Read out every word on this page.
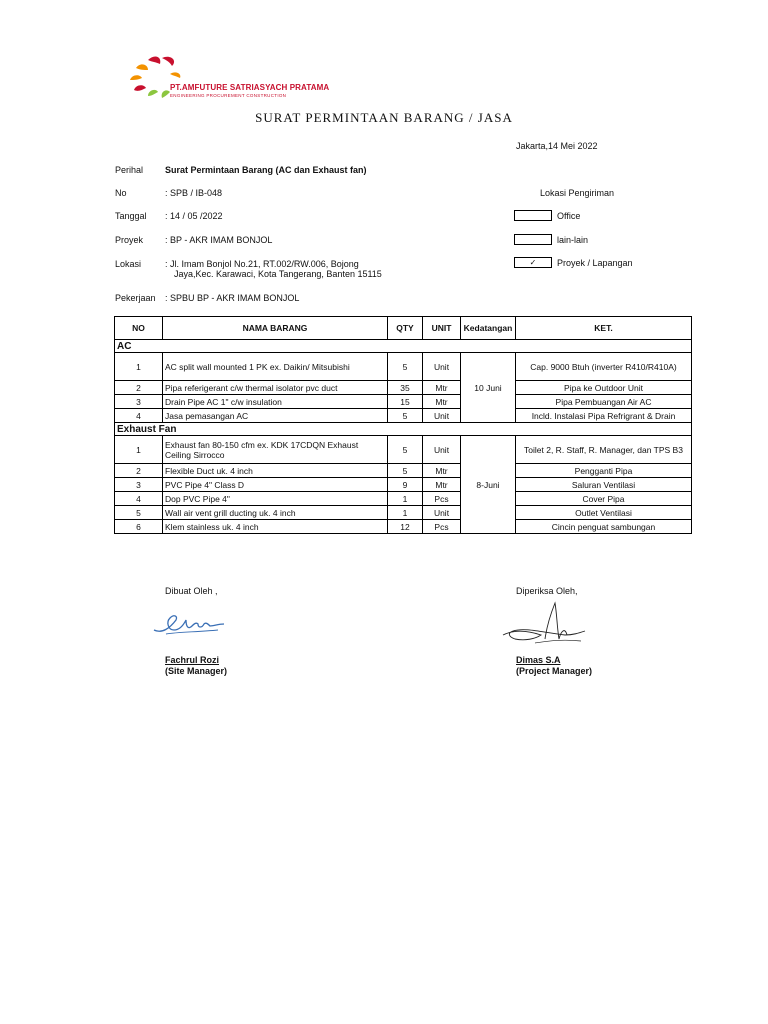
PT.AMFUTURE SATRIASYACH PRATAMA
ENGINEERING PROCUREMENT CONSTRUCTION
SURAT PERMINTAAN BARANG / JASA
Jakarta,14 Mei 2022
Perihal Surat Permintaan Barang (AC dan Exhaust fan)
No	: SPB / IB-048
Tanggal : 14 / 05 /2022
Proyek : BP - AKR IMAM BONJOL
Lokasi	: Jl. Imam Bonjol No.21, RT.002/RW.006, Bojong
Jaya,Kec. Karawaci, Kota Tangerang, Banten 15115
Pekerjaan : SPBU BP - AKR IMAM BONJOL
Lokasi Pengiriman
Office
lain-lain
✓	Proyek / Lapangan
NO	NAMA BARANG	QTY	UNIT	Kedatangan	KET.
AC					
1	AC split wall mounted 1 PK ex. Daikin/ Mitsubishi	5	Unit	10 Juni	Cap. 9000 Btuh (inverter R410/R410A)
2	Pipa referigerant c/w thermal isolator pvc duct	35	Mtr		Pipa ke Outdoor Unit
3	Drain Pipe AC 1" c/w insulation	15	Mtr		Pipa Pembuangan Air AC
4	Jasa pemasangan AC	5	Unit		Incld. Instalasi Pipa Refrigrant & Drain
Exhaust Fan					
1	Exhaust fan 80-150 cfm ex. KDK 17CDQN Exhaust Ceiling Sirrocco	5	Unit	8-Juni	Toilet 2, R. Staff, R. Manager, dan TPS B3
2	Flexible Duct uk. 4 inch	5	Mtr		Pengganti Pipa
3	PVC Pipe 4" Class D	9	Mtr		Saluran Ventilasi
4	Dop PVC Pipe 4"	1	Pcs		Cover Pipa
5	Wall air vent grill ducting uk. 4 inch	1	Unit		Outlet Ventilasi
6	Klem stainless uk. 4 inch	12	Pcs		Cincin penguat sambungan
Dibuat Oleh ,
Fachrul Rozi
(Site Manager)
Diperiksa Oleh,
Dimas S.A
(Project Manager)
